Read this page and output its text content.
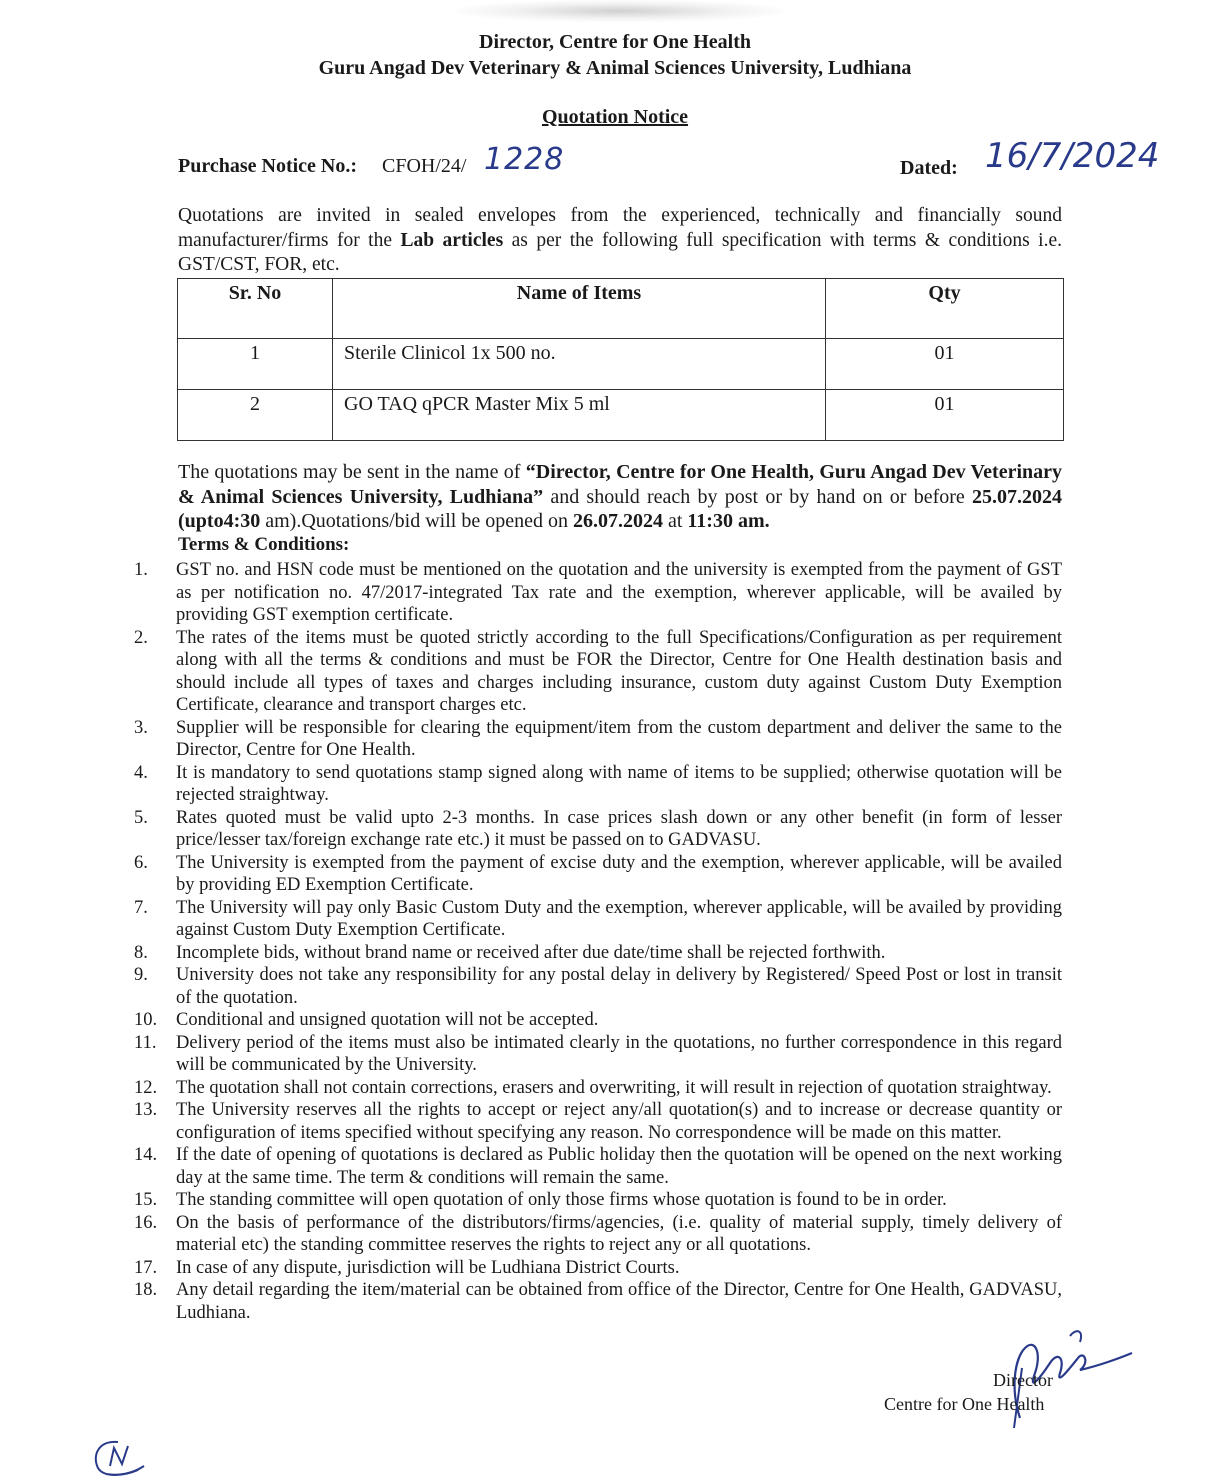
Director, Centre for One Health
Guru Angad Dev Veterinary & Animal Sciences University, Ludhiana
Quotation Notice
Purchase Notice No.: CFOH/24/ 1228	Dated: 16/7/2024
Quotations are invited in sealed envelopes from the experienced, technically and financially sound manufacturer/firms for the Lab articles as per the following full specification with terms & conditions i.e. GST/CST, FOR, etc.
Sr. No	Name of Items	Qty
1	Sterile Clinicol 1x 500 no.	01
2	GO TAQ qPCR Master Mix 5 ml	01
The quotations may be sent in the name of “Director, Centre for One Health, Guru Angad Dev Veterinary & Animal Sciences University, Ludhiana” and should reach by post or by hand on or before 25.07.2024 (upto4:30 am).Quotations/bid will be opened on 26.07.2024 at 11:30 am.
Terms & Conditions:
1.	GST no. and HSN code must be mentioned on the quotation and the university is exempted from the payment of GST as per notification no. 47/2017-integrated Tax rate and the exemption, wherever applicable, will be availed by providing GST exemption certificate.
2.	The rates of the items must be quoted strictly according to the full Specifications/Configuration as per requirement along with all the terms & conditions and must be FOR the Director, Centre for One Health destination basis and should include all types of taxes and charges including insurance, custom duty against Custom Duty Exemption Certificate, clearance and transport charges etc.
3.	Supplier will be responsible for clearing the equipment/item from the custom department and deliver the same to the Director, Centre for One Health.
4.	It is mandatory to send quotations stamp signed along with name of items to be supplied; otherwise quotation will be rejected straightway.
5.	Rates quoted must be valid upto 2-3 months. In case prices slash down or any other benefit (in form of lesser price/lesser tax/foreign exchange rate etc.) it must be passed on to GADVASU.
6.	The University is exempted from the payment of excise duty and the exemption, wherever applicable, will be availed by providing ED Exemption Certificate.
7.	The University will pay only Basic Custom Duty and the exemption, wherever applicable, will be availed by providing against Custom Duty Exemption Certificate.
8.	Incomplete bids, without brand name or received after due date/time shall be rejected forthwith.
9.	University does not take any responsibility for any postal delay in delivery by Registered/ Speed Post or lost in transit of the quotation.
10.	Conditional and unsigned quotation will not be accepted.
11.	Delivery period of the items must also be intimated clearly in the quotations, no further correspondence in this regard will be communicated by the University.
12.	The quotation shall not contain corrections, erasers and overwriting, it will result in rejection of quotation straightway.
13.	The University reserves all the rights to accept or reject any/all quotation(s) and to increase or decrease quantity or configuration of items specified without specifying any reason. No correspondence will be made on this matter.
14.	If the date of opening of quotations is declared as Public holiday then the quotation will be opened on the next working day at the same time. The term & conditions will remain the same.
15.	The standing committee will open quotation of only those firms whose quotation is found to be in order.
16.	On the basis of performance of the distributors/firms/agencies, (i.e. quality of material supply, timely delivery of material etc) the standing committee reserves the rights to reject any or all quotations.
17.	In case of any dispute, jurisdiction will be Ludhiana District Courts.
18.	Any detail regarding the item/material can be obtained from office of the Director, Centre for One Health, GADVASU, Ludhiana.
Director
Centre for One Health
